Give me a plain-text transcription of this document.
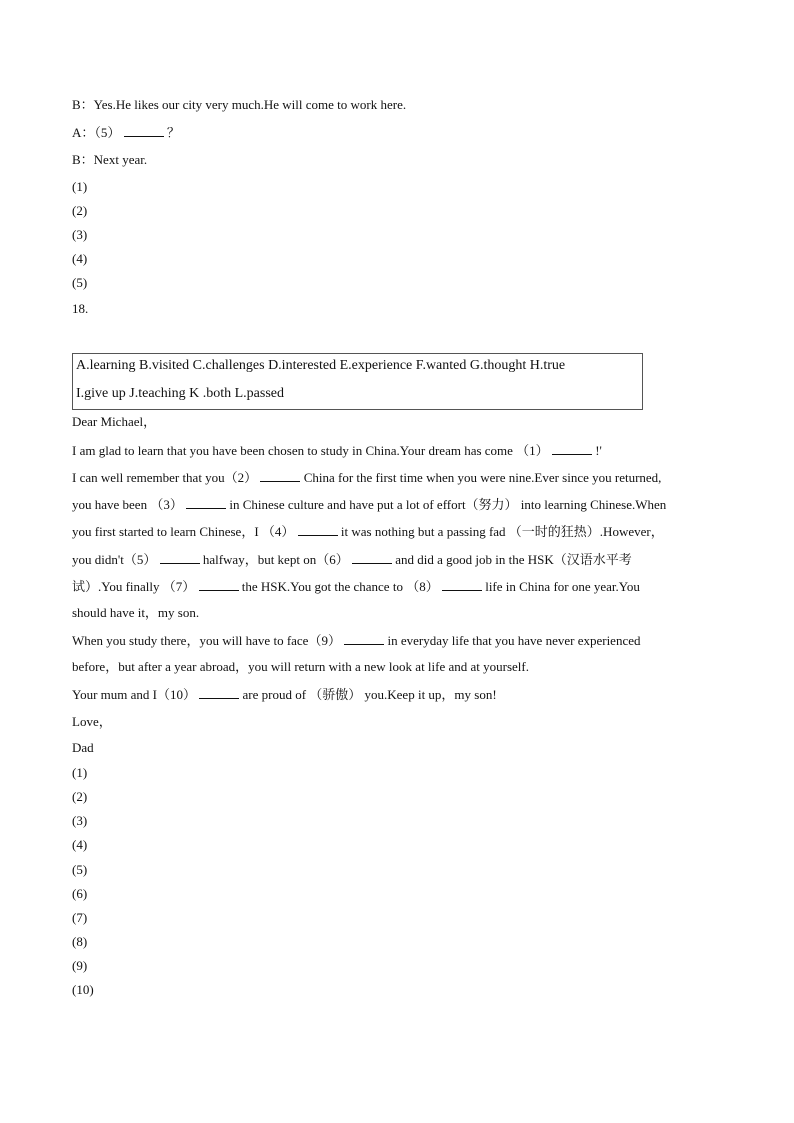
B：Yes.He likes our city very much.He will come to work here.
A：（5）	？
B：Next year.
(1)
(2)
(3)
(4)
(5)
18.
A.learning B.visited C.challenges D.interested E.experience F.wanted G.thought H.true
I.give up J.teaching K .both L.passed
Dear Michael，
I am glad to learn that you have been chosen to study in China.Your dream has come （1）	!'
I can well remember that you（2）	China for the first time when you were nine.Ever since you returned,
you have been （3）	in Chinese culture and have put a lot of effort（努力） into learning Chinese.When
you first started to learn Chinese，I （4）	it was nothing but a passing fad （一时的狂热）.However，
you didn't（5）	halfway，but kept on（6）	and did a good job in the HSK（汉语水平考
试）.You finally （7）	the HSK.You got the chance to （8）	life in China for one year.You
should have it，my son.
When you study there，you will have to face（9）	in everyday life that you have never experienced
before，but after a year abroad，you will return with a new look at life and at yourself.
Your mum and I（10）	are proud of （骄傲） you.Keep it up，my son!
Love，
Dad
(1)
(2)
(3)
(4)
(5)
(6)
(7)
(8)
(9)
(10)
